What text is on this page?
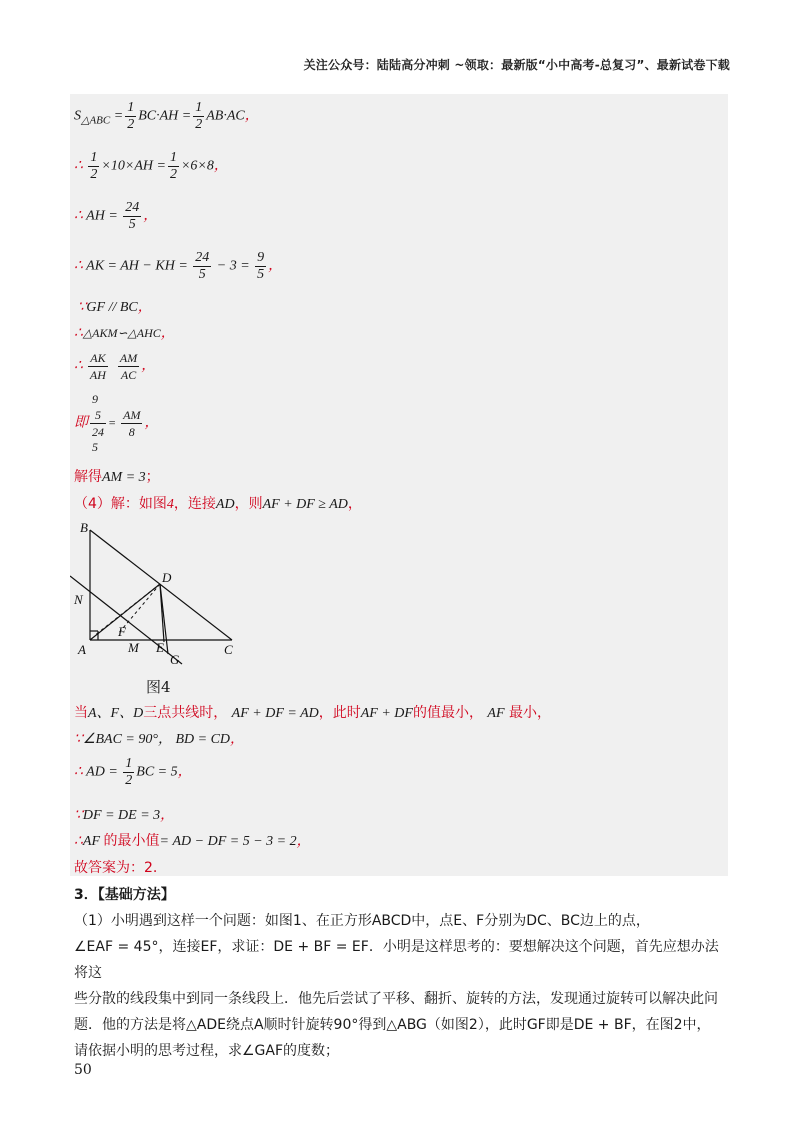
关注公众号：陆陆高分冲刺 ~领取：最新版“小中高考-总复习”、最新试卷下载
$S_{\triangle ABC} = \frac{1}{2} BC\cdot AH = \frac{1}{2} AB\cdot AC$，
∴ $\frac{1}{2} \times 10\times AH = \frac{1}{2} \times 6\times 8$，
∴ AH = $\frac{24}{5}$ ，
∴ AK = AH − KH = $\frac{24}{5} - 3 = \frac{9}{5}$ ，
∵GF // BC，
∴△AKM∽△AHC，
∴ $\frac{AK}{AH}$
$\frac{AM}{AC}$ ，
9
即 $\frac{5}{24} = \frac{AM}{8}$ ，
5
解得AM = 3；
（4）解：如图4，连接AD，则AF + DF ≥ AD，
B
N
D
F
A	M E
G
C
图4
当A、F、D三点共线时， AF + DF = AD，此时AF + DF的值最小， AF 最小，
∵∠BAC = 90°， BD = CD，
∴ AD = $\frac{1}{2}$ BC = 5，
∵DF = DE = 3，
∴AF 的最小值= AD − DF = 5 − 3 = 2，
故答案为：2.
3．【基础方法】
（1）小明遇到这样一个问题：如图1、在正方形ABCD中，点E、F分别为DC、BC边上的点，
∠EAF = 45°，连接EF，求证：DE + BF = EF．小明是这样思考的：要想解决这个问题，首先应想办法将这
些分散的线段集中到同一条线段上．他先后尝试了平移、翻折、旋转的方法，发现通过旋转可以解决此问
题．他的方法是将△ADE绕点A顺时针旋转90°得到△ABG（如图2），此时GF即是DE + BF，在图2中，
请依据小明的思考过程，求∠GAF的度数；
50
